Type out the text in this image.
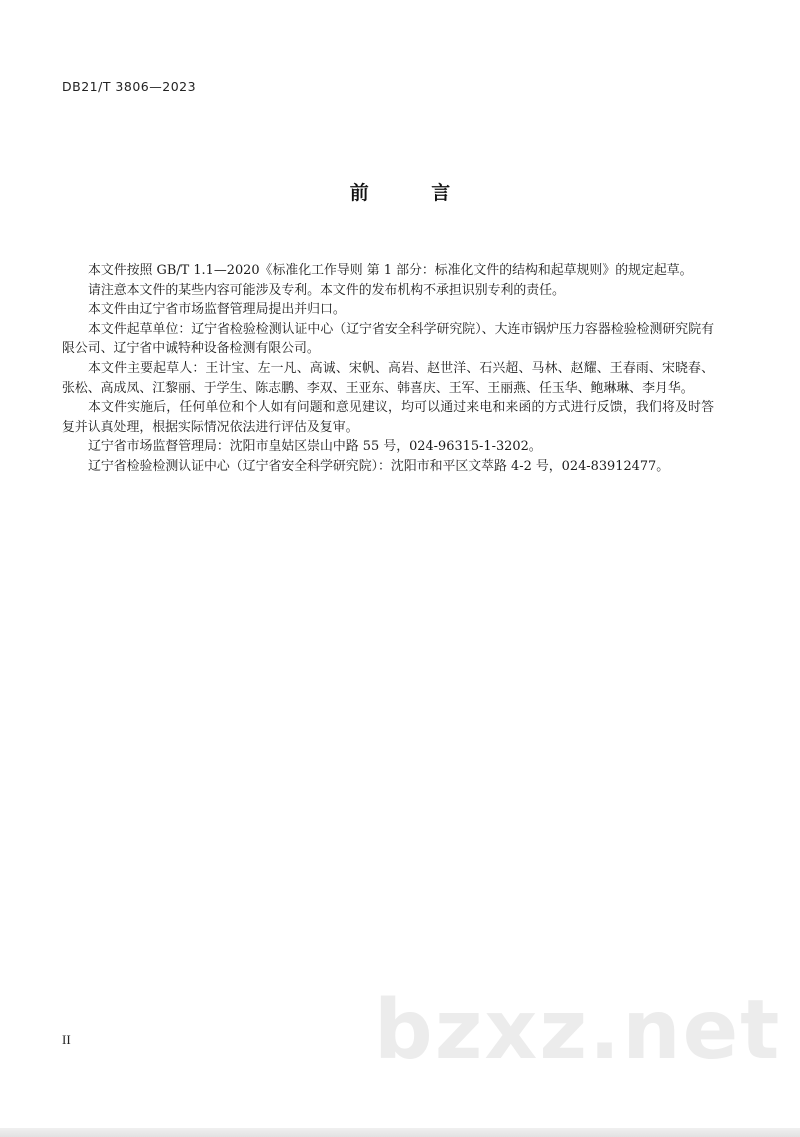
DB21/T 3806—2023
前 言

本文件按照 GB/T 1.1—2020《标准化工作导则 第 1 部分：标准化文件的结构和起草规则》的规定起草。

请注意本文件的某些内容可能涉及专利。本文件的发布机构不承担识别专利的责任。

本文件由辽宁省市场监督管理局提出并归口。

本文件起草单位：辽宁省检验检测认证中心（辽宁省安全科学研究院）、大连市锅炉压力容器检验检测研究院有限公司、辽宁省中诚特种设备检测有限公司。

本文件主要起草人：王计宝、左一凡、高诚、宋帆、高岩、赵世洋、石兴超、马林、赵耀、王春雨、宋晓春、张松、高成凤、江黎丽、于学生、陈志鹏、李双、王亚东、韩喜庆、王军、王丽燕、任玉华、鲍琳琳、李月华。

本文件实施后，任何单位和个人如有问题和意见建议，均可以通过来电和来函的方式进行反馈，我们将及时答复并认真处理，根据实际情况依法进行评估及复审。

辽宁省市场监督管理局：沈阳市皇姑区崇山中路 55 号，024-96315-1-3202。

辽宁省检验检测认证中心（辽宁省安全科学研究院）：沈阳市和平区文萃路 4-2 号，024-83912477。

bzxz.net
II
